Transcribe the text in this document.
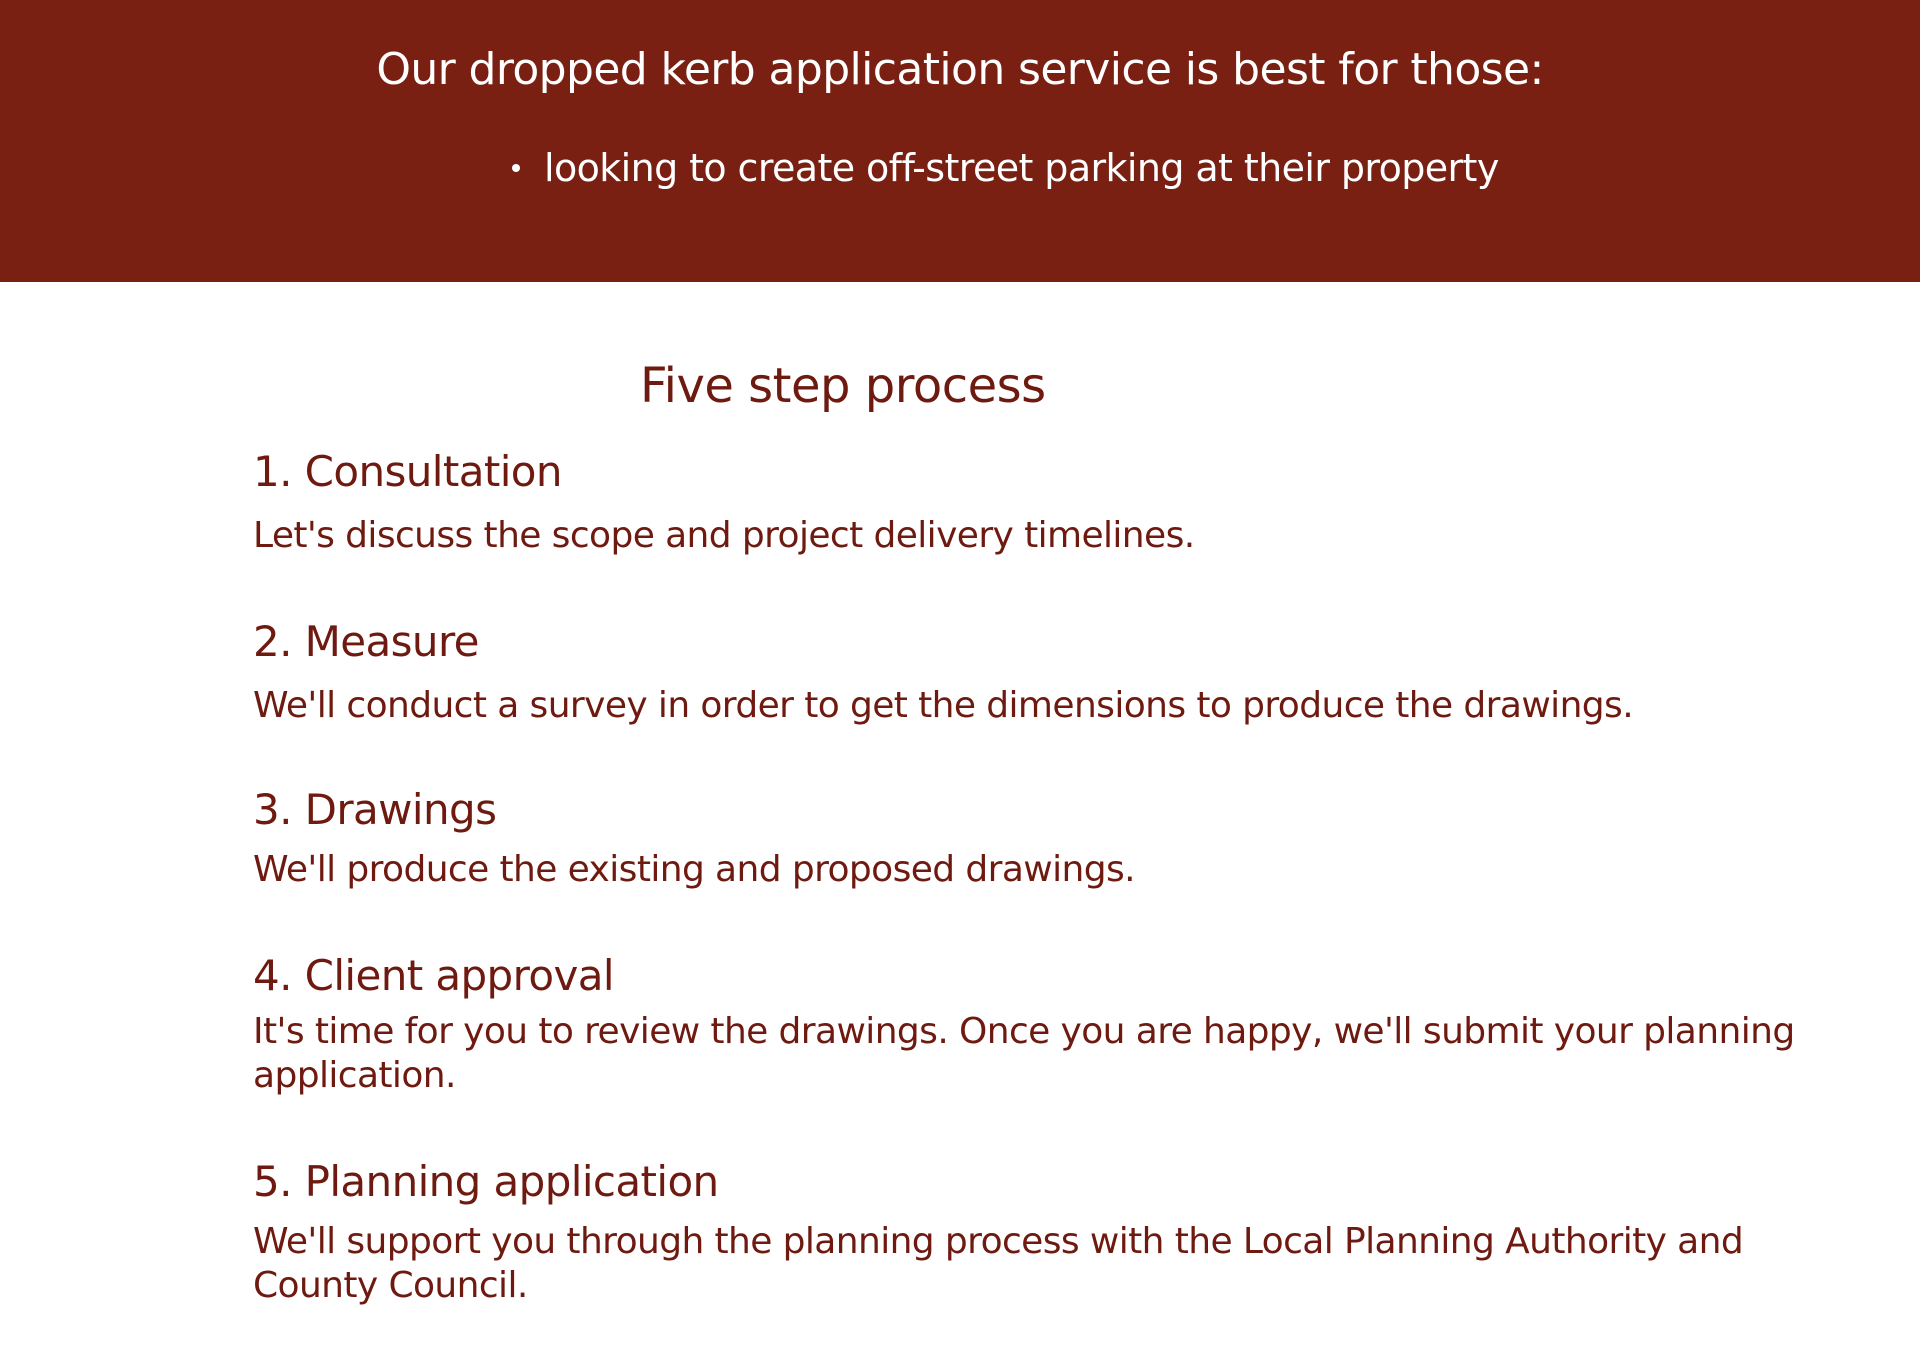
Our dropped kerb application service is best for those:
looking to create off-street parking at their property
Five step process
1. Consultation

Let's discuss the scope and project delivery timelines.

2. Measure

We'll conduct a survey in order to get the dimensions to produce the drawings.

3. Drawings

We'll produce the existing and proposed drawings.

4. Client approval

It's time for you to review the drawings. Once you are happy, we'll submit your planning application.

5. Planning application

We'll support you through the planning process with the Local Planning Authority and County Council.
